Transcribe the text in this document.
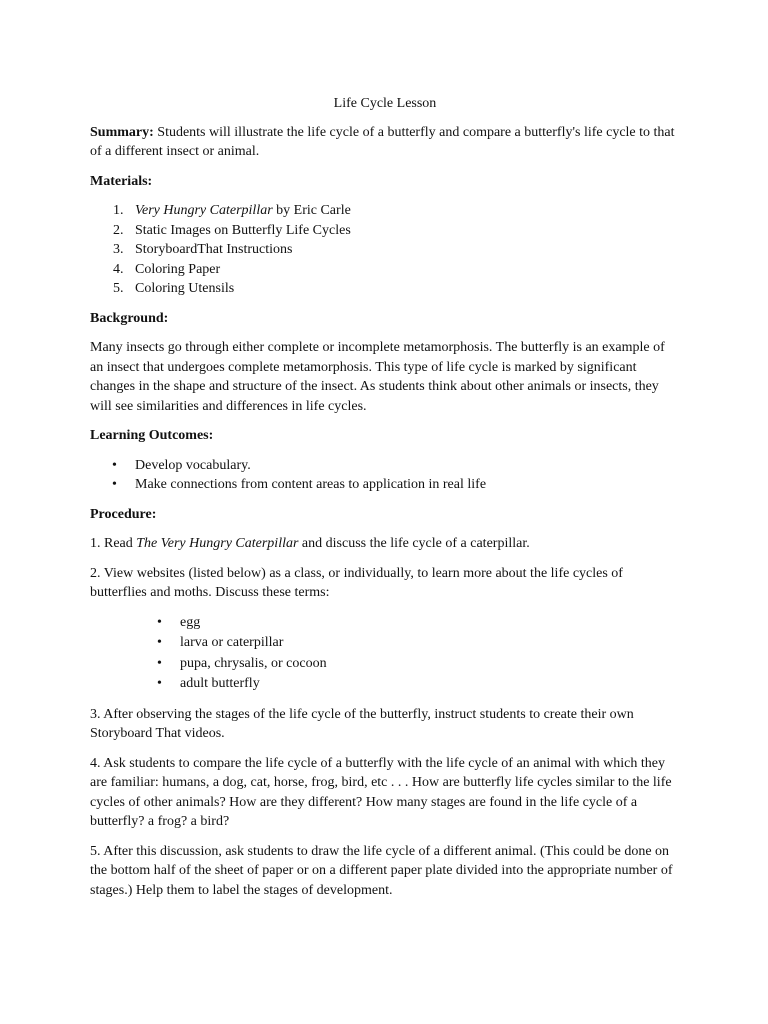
Life Cycle Lesson

Summary: Students will illustrate the life cycle of a butterfly and compare a butterfly's life cycle to that of a different insect or animal.

Materials:

1. Very Hungry Caterpillar by Eric Carle
2. Static Images on Butterfly Life Cycles
3. StoryboardThat Instructions
4. Coloring Paper
5. Coloring Utensils

Background:

Many insects go through either complete or incomplete metamorphosis. The butterfly is an example of an insect that undergoes complete metamorphosis. This type of life cycle is marked by significant changes in the shape and structure of the insect. As students think about other animals or insects, they will see similarities and differences in life cycles.

Learning Outcomes:

• Develop vocabulary.
• Make connections from content areas to application in real life

Procedure:

1. Read The Very Hungry Caterpillar and discuss the life cycle of a caterpillar.

2. View websites (listed below) as a class, or individually, to learn more about the life cycles of butterflies and moths. Discuss these terms:

• egg
• larva or caterpillar
• pupa, chrysalis, or cocoon
• adult butterfly

3. After observing the stages of the life cycle of the butterfly, instruct students to create their own Storyboard That videos.

4. Ask students to compare the life cycle of a butterfly with the life cycle of an animal with which they are familiar: humans, a dog, cat, horse, frog, bird, etc . . . How are butterfly life cycles similar to the life cycles of other animals? How are they different? How many stages are found in the life cycle of a butterfly? a frog? a bird?

5. After this discussion, ask students to draw the life cycle of a different animal. (This could be done on the bottom half of the sheet of paper or on a different paper plate divided into the appropriate number of stages.) Help them to label the stages of development.
